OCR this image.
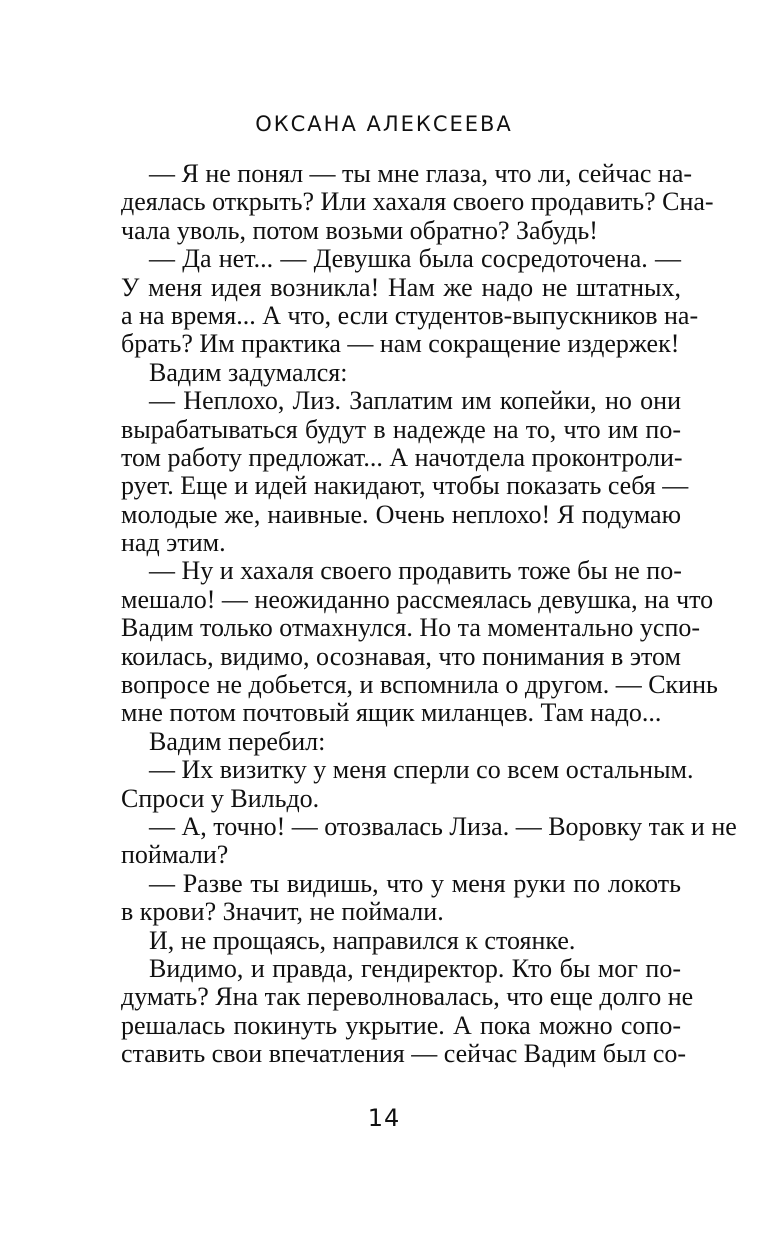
ОКСАНА АЛЕКСЕЕВА
— Я не понял — ты мне глаза, что ли, сейчас на-
деялась открыть? Или хахаля своего продавить? Сна-
чала уволь, потом возьми обратно? Забудь!
— Да нет... — Девушка была сосредоточена. —
У меня идея возникла! Нам же надо не штатных,
а на время... А что, если студентов-выпускников на-
брать? Им практика — нам сокращение издержек!
Вадим задумался:
— Неплохо, Лиз. Заплатим им копейки, но они
вырабатываться будут в надежде на то, что им по-
том работу предложат... А начотдела проконтроли-
рует. Еще и идей накидают, чтобы показать себя —
молодые же, наивные. Очень неплохо! Я подумаю
над этим.
— Ну и хахаля своего продавить тоже бы не по-
мешало! — неожиданно рассмеялась девушка, на что
Вадим только отмахнулся. Но та моментально успо-
коилась, видимо, осознавая, что понимания в этом
вопросе не добьется, и вспомнила о другом. — Скинь
мне потом почтовый ящик миланцев. Там надо...
Вадим перебил:
— Их визитку у меня сперли со всем остальным.
Спроси у Вильдо.
— А, точно! — отозвалась Лиза. — Воровку так и не
поймали?
— Разве ты видишь, что у меня руки по локоть
в крови? Значит, не поймали.
И, не прощаясь, направился к стоянке.
Видимо, и правда, гендиректор. Кто бы мог по-
думать? Яна так переволновалась, что еще долго не
решалась покинуть укрытие. А пока можно сопо-
ставить свои впечатления — сейчас Вадим был со-
14
